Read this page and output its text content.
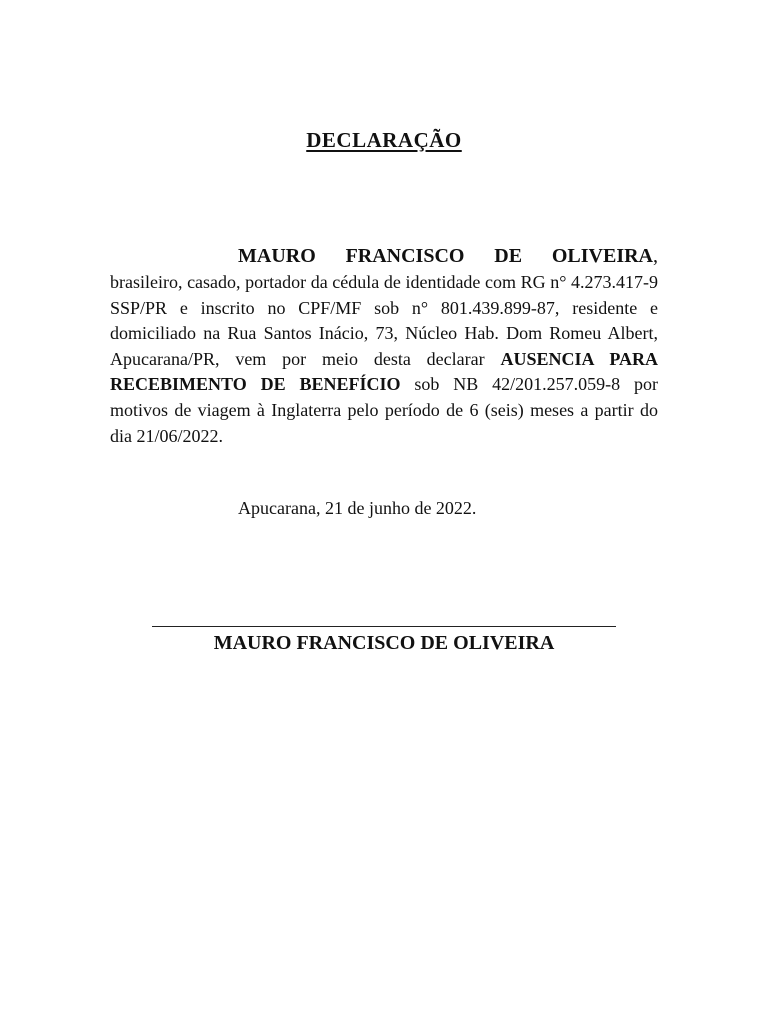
DECLARAÇÃO
MAURO FRANCISCO DE OLIVEIRA,
brasileiro, casado, portador da cédula de identidade com RG n° 4.273.417-9 SSP/PR e inscrito no CPF/MF sob n° 801.439.899-87, residente e domiciliado na Rua Santos Inácio, 73, Núcleo Hab. Dom Romeu Albert, Apucarana/PR, vem por meio desta declarar AUSENCIA PARA RECEBIMENTO DE BENEFÍCIO sob NB 42/201.257.059-8 por motivos de viagem à Inglaterra pelo período de 6 (seis) meses a partir do dia 21/06/2022.
Apucarana, 21 de junho de 2022.
MAURO FRANCISCO DE OLIVEIRA
